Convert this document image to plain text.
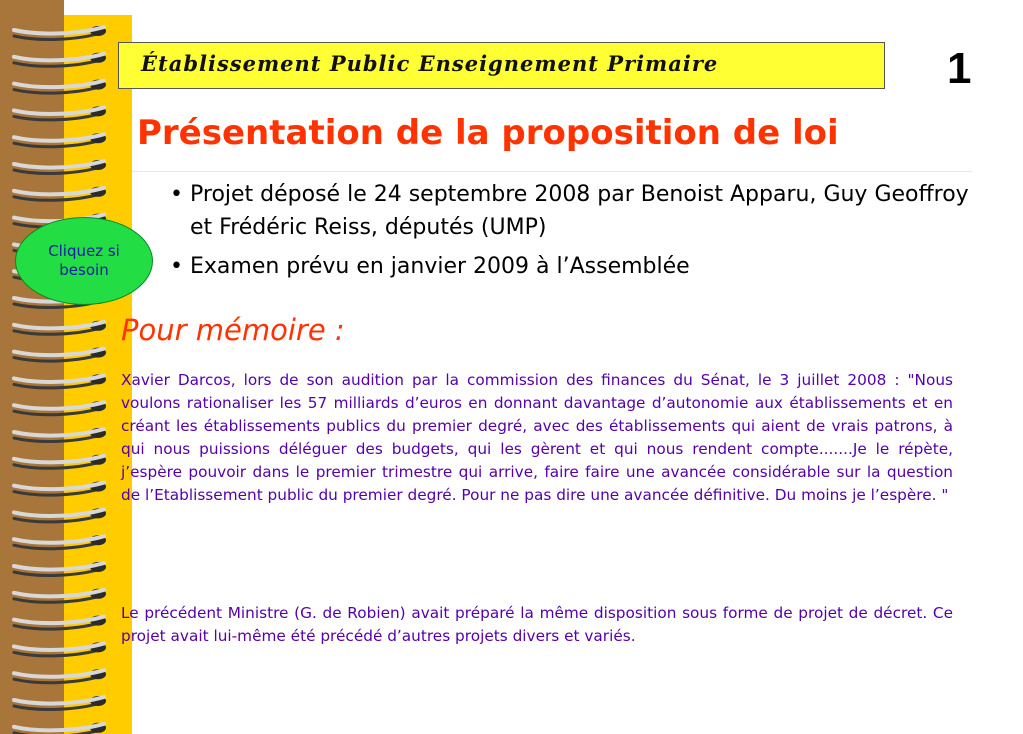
Établissement Public Enseignement Primaire	1
Présentation de la proposition de loi
• Projet déposé le 24 septembre 2008 par Benoist Apparu, Guy Geoffroy et Frédéric Reiss, députés (UMP)
• Examen prévu en janvier 2009 à l’Assemblée
Cliquez si besoin
Pour mémoire :

Xavier Darcos, lors de son audition par la commission des finances du Sénat, le 3 juillet 2008 : "Nous voulons rationaliser les 57 milliards d’euros en donnant davantage d’autonomie aux établissements et en créant les établissements publics du premier degré, avec des établissements qui aient de vrais patrons, à qui nous puissions déléguer des budgets, qui les gèrent et qui nous rendent compte.......Je le répète, j’espère pouvoir dans le premier trimestre qui arrive, faire faire une avancée considérable sur la question de l’Etablissement public du premier degré. Pour ne pas dire une avancée définitive. Du moins je l’espère. "

Le précédent Ministre (G. de Robien) avait préparé la même disposition sous forme de projet de décret. Ce projet avait lui-même été précédé d’autres projets divers et variés.
